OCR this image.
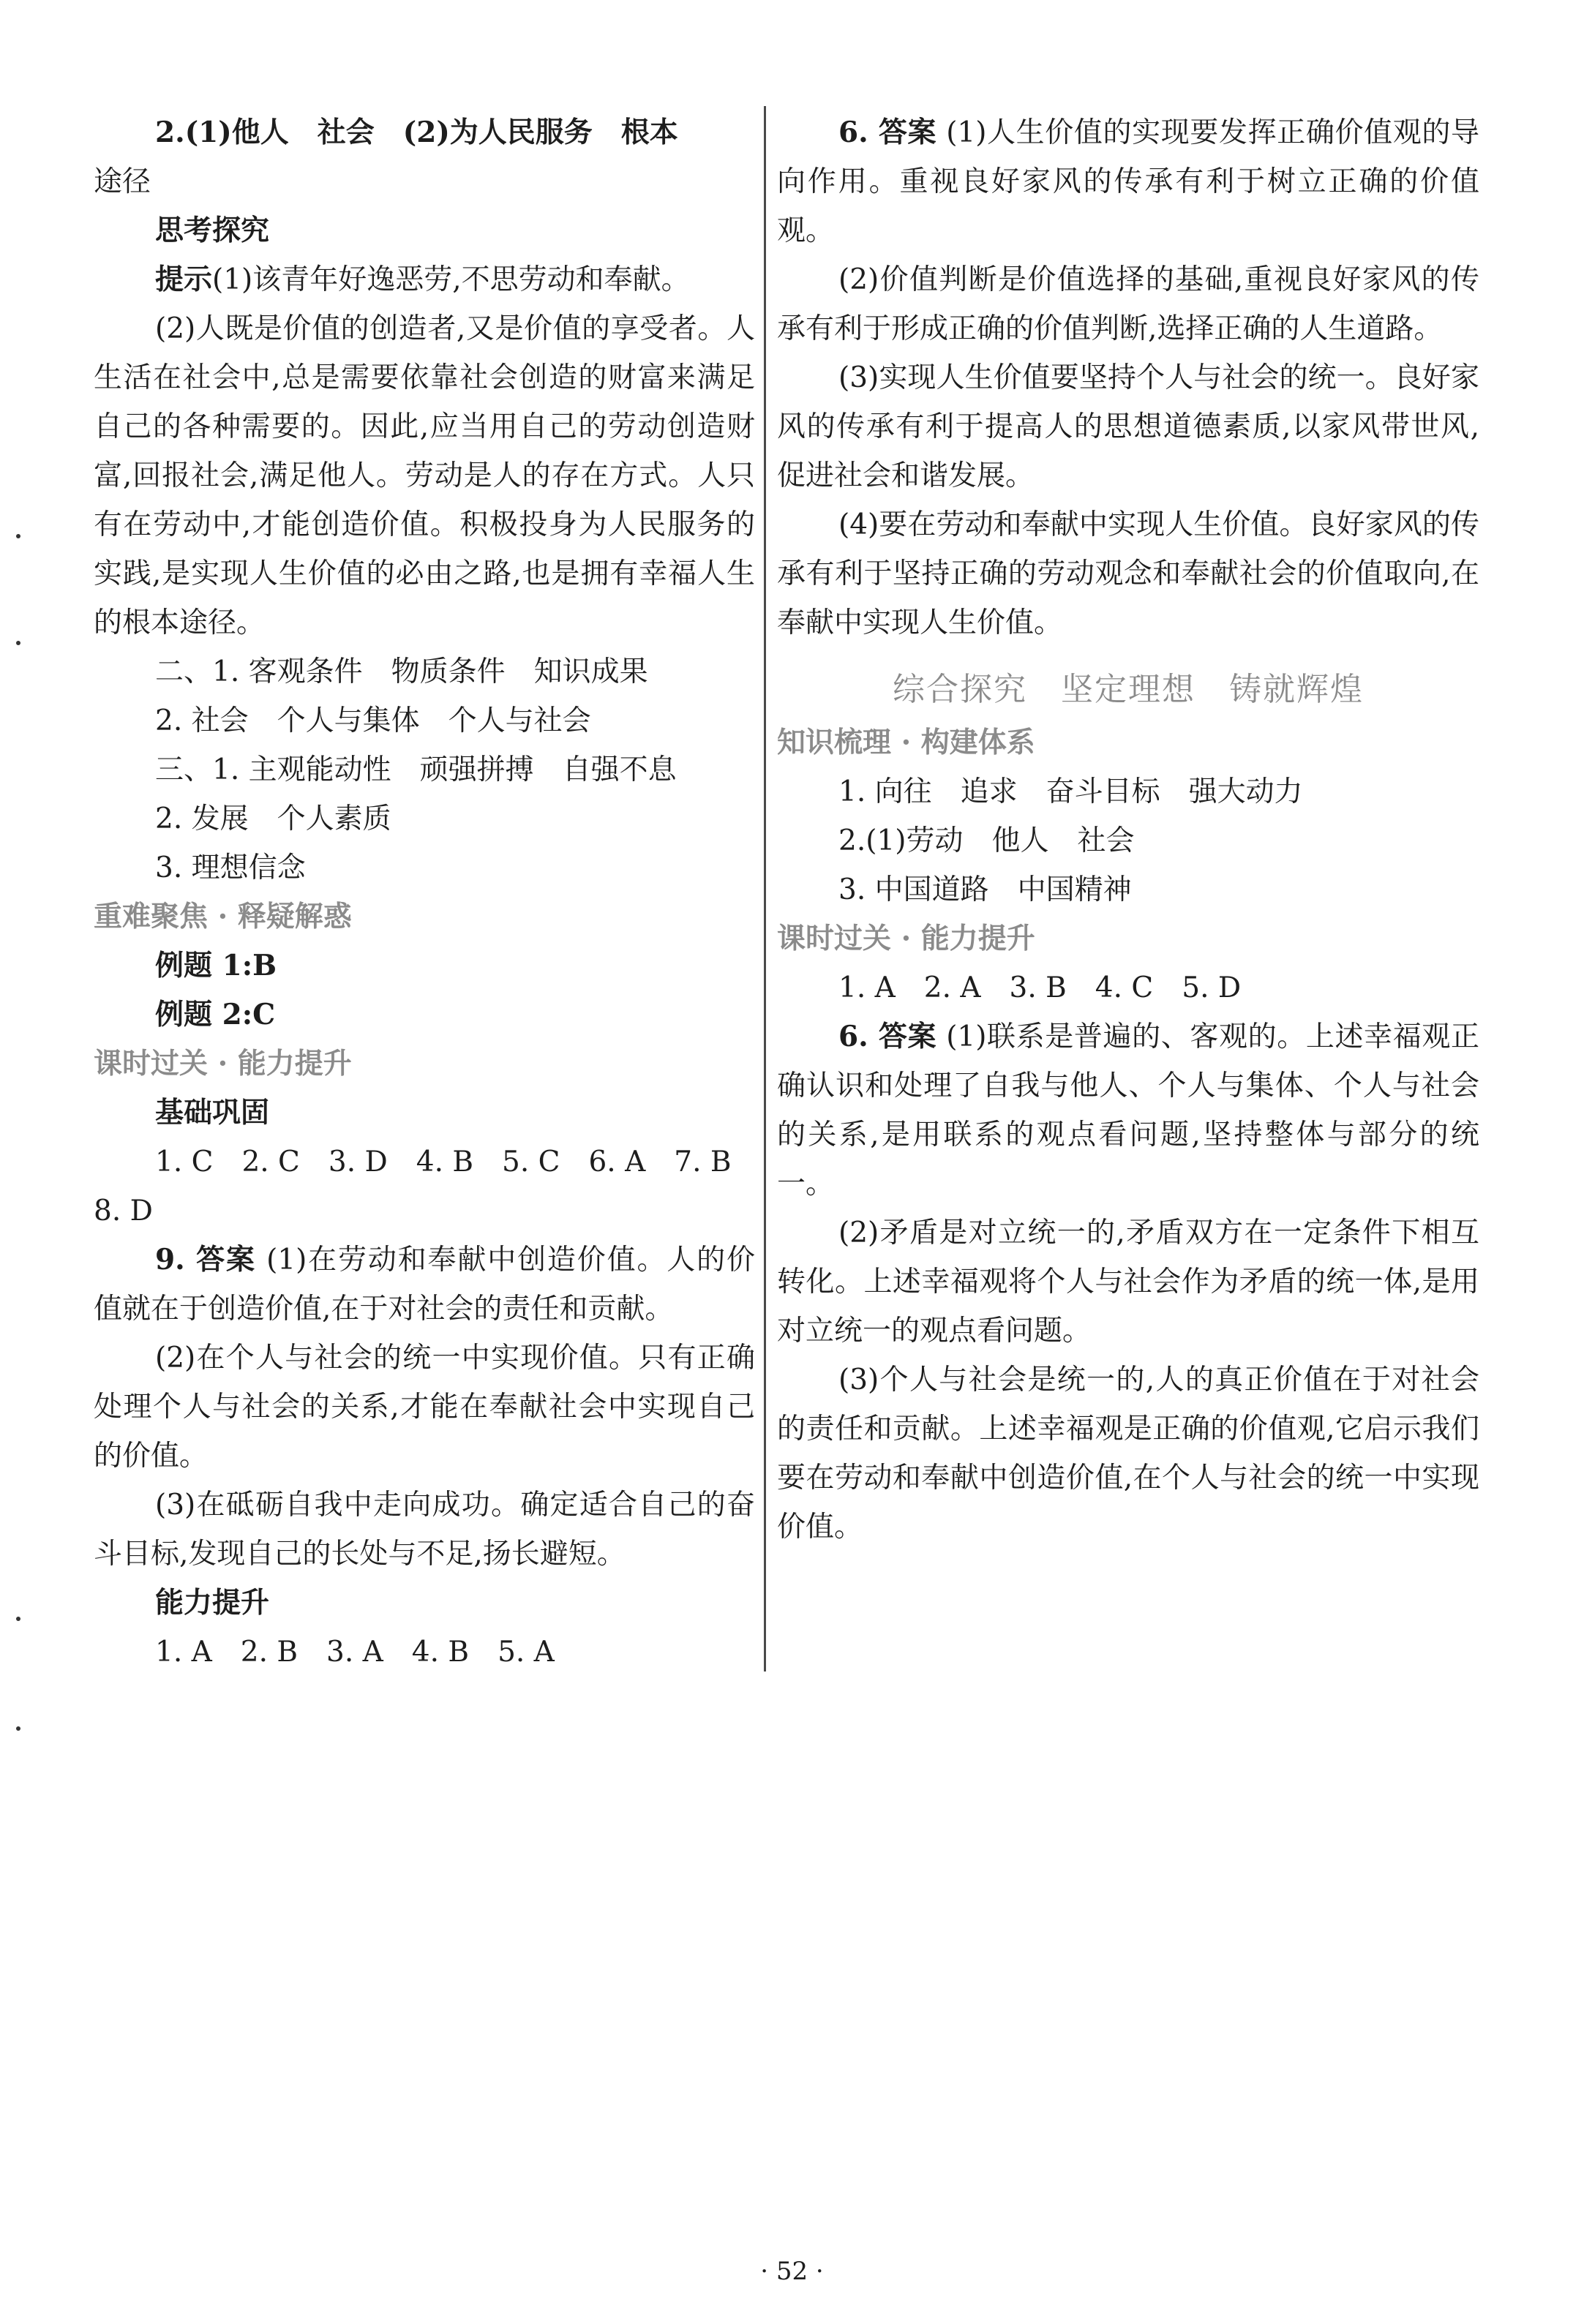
2.(1)他人　社会　(2)为人民服务　根本

途径

思考探究

提示(1)该青年好逸恶劳,不思劳动和奉献。

(2)人既是价值的创造者,又是价值的享受者。人生活在社会中,总是需要依靠社会创造的财富来满足自己的各种需要的。因此,应当用自己的劳动创造财富,回报社会,满足他人。劳动是人的存在方式。人只有在劳动中,才能创造价值。积极投身为人民服务的实践,是实现人生价值的必由之路,也是拥有幸福人生的根本途径。

二、1. 客观条件　物质条件　知识成果

2. 社会　个人与集体　个人与社会

三、1. 主观能动性　顽强拼搏　自强不息

2. 发展　个人素质

3. 理想信念

重难聚焦 · 释疑解惑

例题 1:B

例题 2:C

课时过关 · 能力提升

基础巩固

1. C　2. C　3. D　4. B　5. C　6. A　7. B

8. D

9. 答案 (1)在劳动和奉献中创造价值。人的价值就在于创造价值,在于对社会的责任和贡献。

(2)在个人与社会的统一中实现价值。只有正确处理个人与社会的关系,才能在奉献社会中实现自己的价值。

(3)在砥砺自我中走向成功。确定适合自己的奋斗目标,发现自己的长处与不足,扬长避短。

能力提升

1. A　2. B　3. A　4. B　5. A

6. 答案 (1)人生价值的实现要发挥正确价值观的导向作用。重视良好家风的传承有利于树立正确的价值观。

(2)价值判断是价值选择的基础,重视良好家风的传承有利于形成正确的价值判断,选择正确的人生道路。

(3)实现人生价值要坚持个人与社会的统一。良好家风的传承有利于提高人的思想道德素质,以家风带世风,促进社会和谐发展。

(4)要在劳动和奉献中实现人生价值。良好家风的传承有利于坚持正确的劳动观念和奉献社会的价值取向,在奉献中实现人生价值。

综合探究　坚定理想　铸就辉煌

知识梳理 · 构建体系

1. 向往　追求　奋斗目标　强大动力

2.(1)劳动　他人　社会

3. 中国道路　中国精神

课时过关 · 能力提升

1. A　2. A　3. B　4. C　5. D

6. 答案 (1)联系是普遍的、客观的。上述幸福观正确认识和处理了自我与他人、个人与集体、个人与社会的关系,是用联系的观点看问题,坚持整体与部分的统一。

(2)矛盾是对立统一的,矛盾双方在一定条件下相互转化。上述幸福观将个人与社会作为矛盾的统一体,是用对立统一的观点看问题。

(3)个人与社会是统一的,人的真正价值在于对社会的责任和贡献。上述幸福观是正确的价值观,它启示我们要在劳动和奉献中创造价值,在个人与社会的统一中实现价值。

· 52 ·
